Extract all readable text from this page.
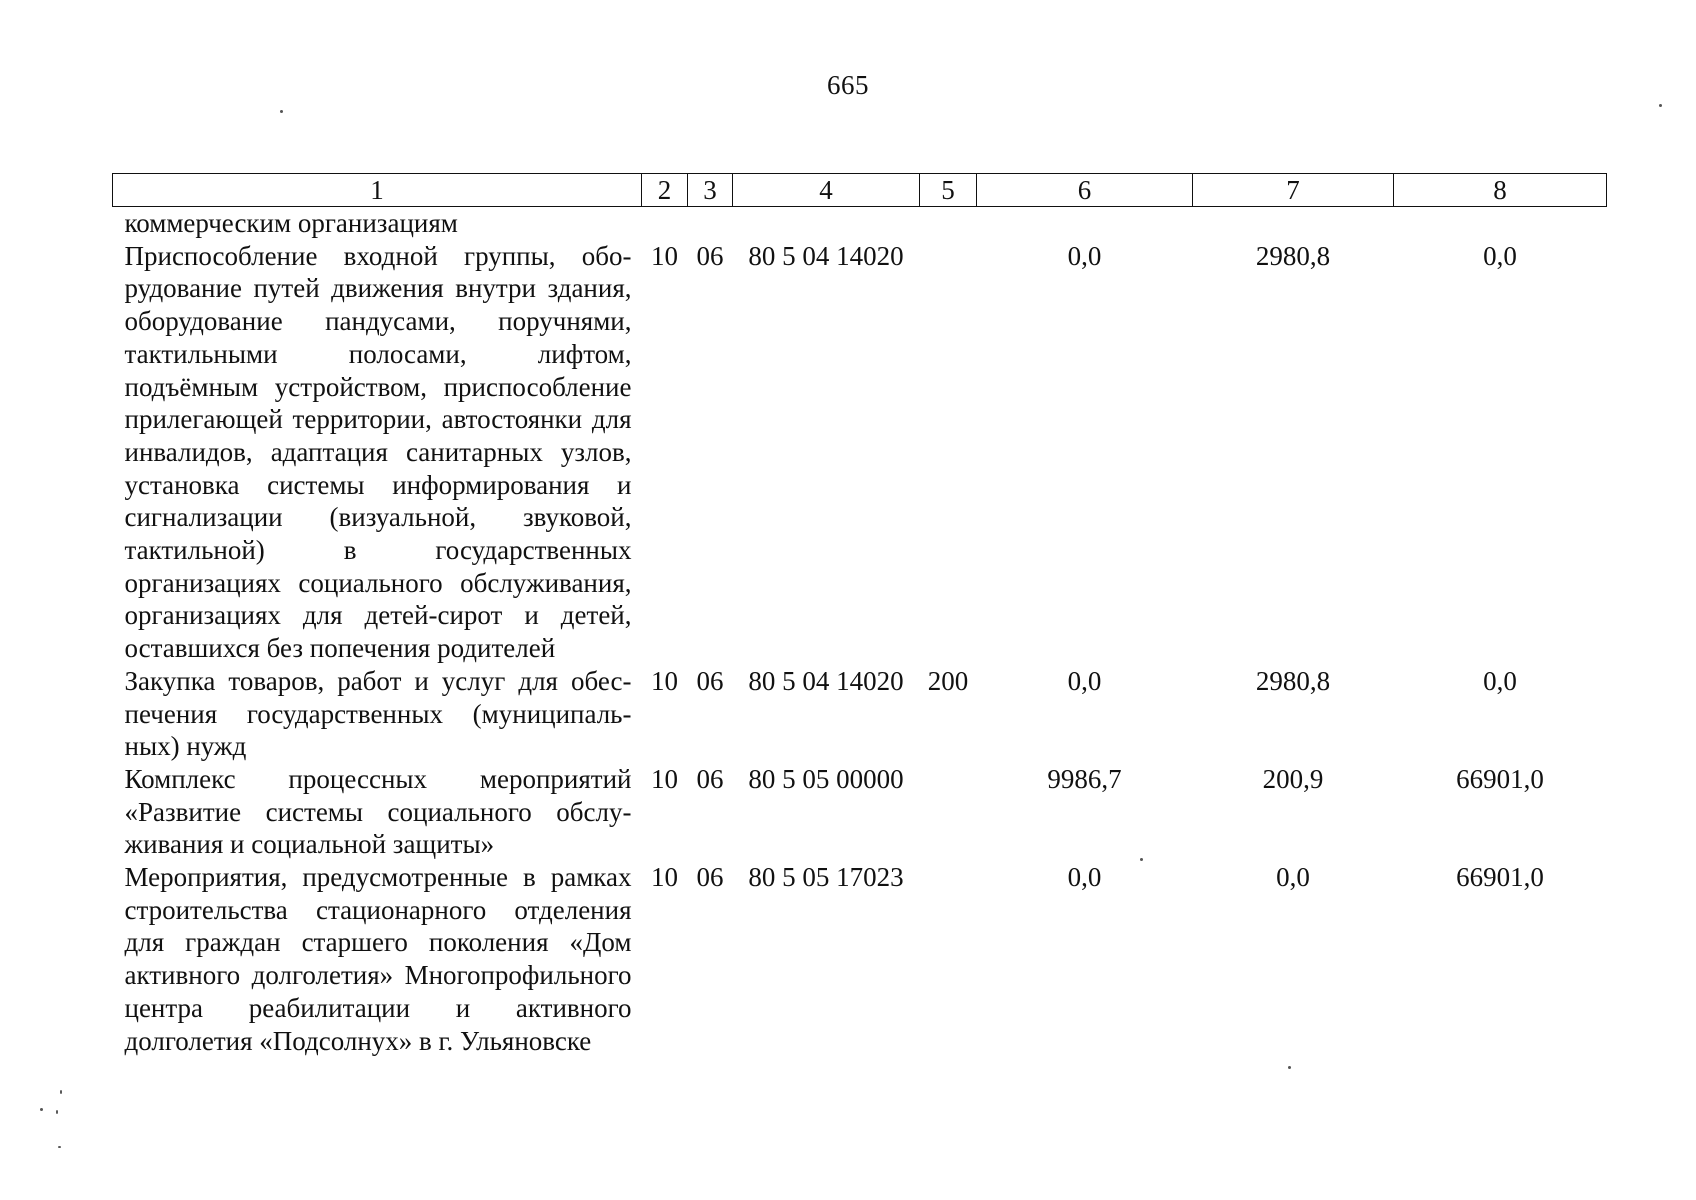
665
1	2	3	4	5	6	7	8
коммерческим организациям							
Приспособление входной группы, оборудование путей движения внутри здания, оборудование пандусами, поручнями, тактильными полосами, лифтом, подъёмным устройством, приспособление прилегающей территории, автостоянки для инвалидов, адаптация санитарных узлов, установка системы информирования и сигнализации (визуальной, звуковой, тактильной) в государственных организациях социального обслуживания, организациях для детей-сирот и детей, оставшихся без попечения родителей	10	06	80 5 04 14020		0,0	2980,8	0,0
Закупка товаров, работ и услуг для обеспечения государственных (муниципальных) нужд	10	06	80 5 04 14020	200	0,0	2980,8	0,0
Комплекс процессных мероприятий «Развитие системы социального обслуживания и социальной защиты»	10	06	80 5 05 00000		9986,7	200,9	66901,0
Мероприятия, предусмотренные в рамках строительства стационарного отделения для граждан старшего поколения «Дом активного долголетия» Многопрофильного центра реабилитации и активного долголетия «Подсолнух» в г. Ульяновске	10	06	80 5 05 17023		0,0	0,0	66901,0
